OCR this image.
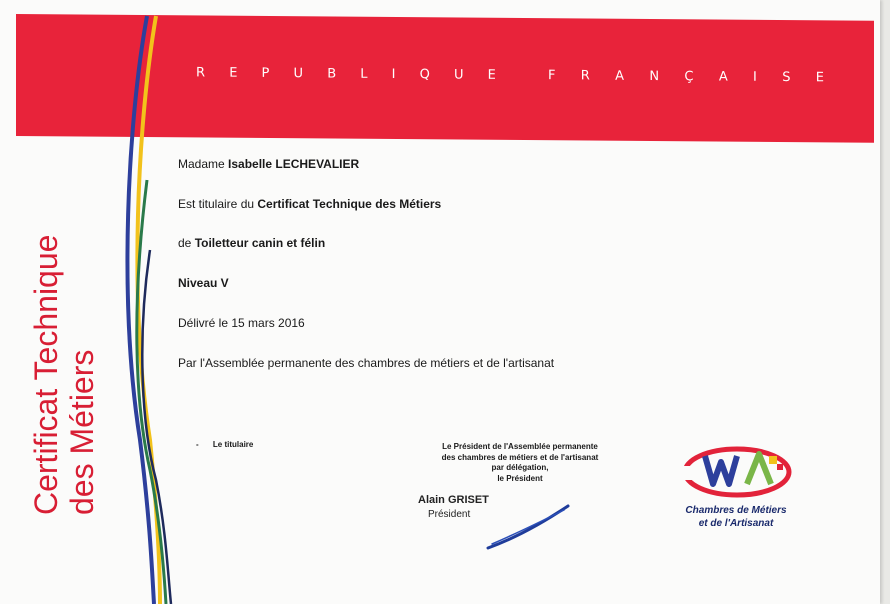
R E P U B L I Q U E	F R A N Ç A I S E
Certificat Technique des Métiers
Madame Isabelle LECHEVALIER
Est titulaire du Certificat Technique des Métiers
de Toiletteur canin et félin
Niveau V
Délivré le 15 mars 2016
Par l'Assemblée permanente des chambres de métiers et de l'artisanat
- Le titulaire	Le Président de l'Assemblée permanente
des chambres de métiers et de l'artisanat
par délégation,
le Président
Alain GRISET
Président	Chambres de Métiers
et de l'Artisanat
